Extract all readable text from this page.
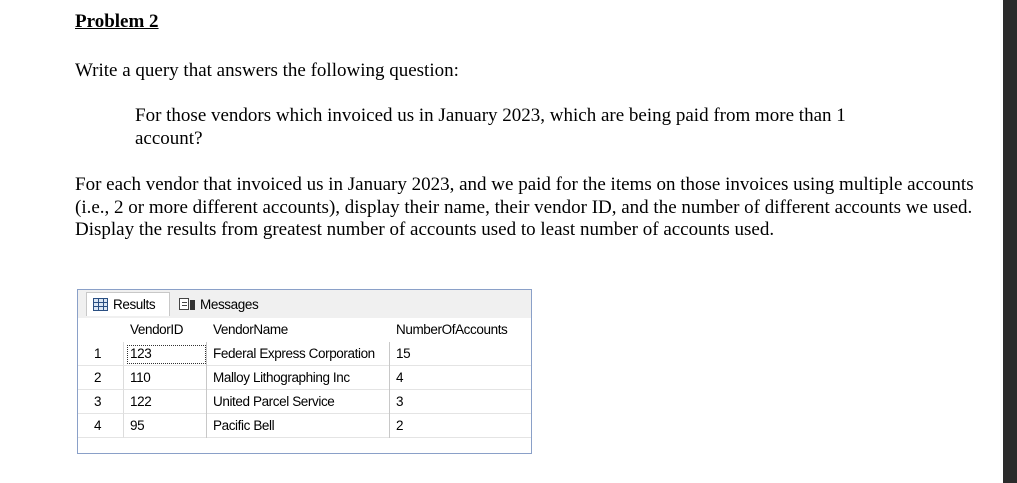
Problem 2
Write a query that answers the following question:
For those vendors which invoiced us in January 2023, which are being paid from more than 1 account?
For each vendor that invoiced us in January 2023, and we paid for the items on those invoices using multiple accounts (i.e., 2 or more different accounts), display their name, their vendor ID, and the number of different accounts we used. Display the results from greatest number of accounts used to least number of accounts used.
Results	Messages
VendorID	VendorName	NumberOfAccounts
1	123	Federal Express Corporation	15
2	110	Malloy Lithographing Inc	4
3	122	United Parcel Service	3
4	95	Pacific Bell	2
